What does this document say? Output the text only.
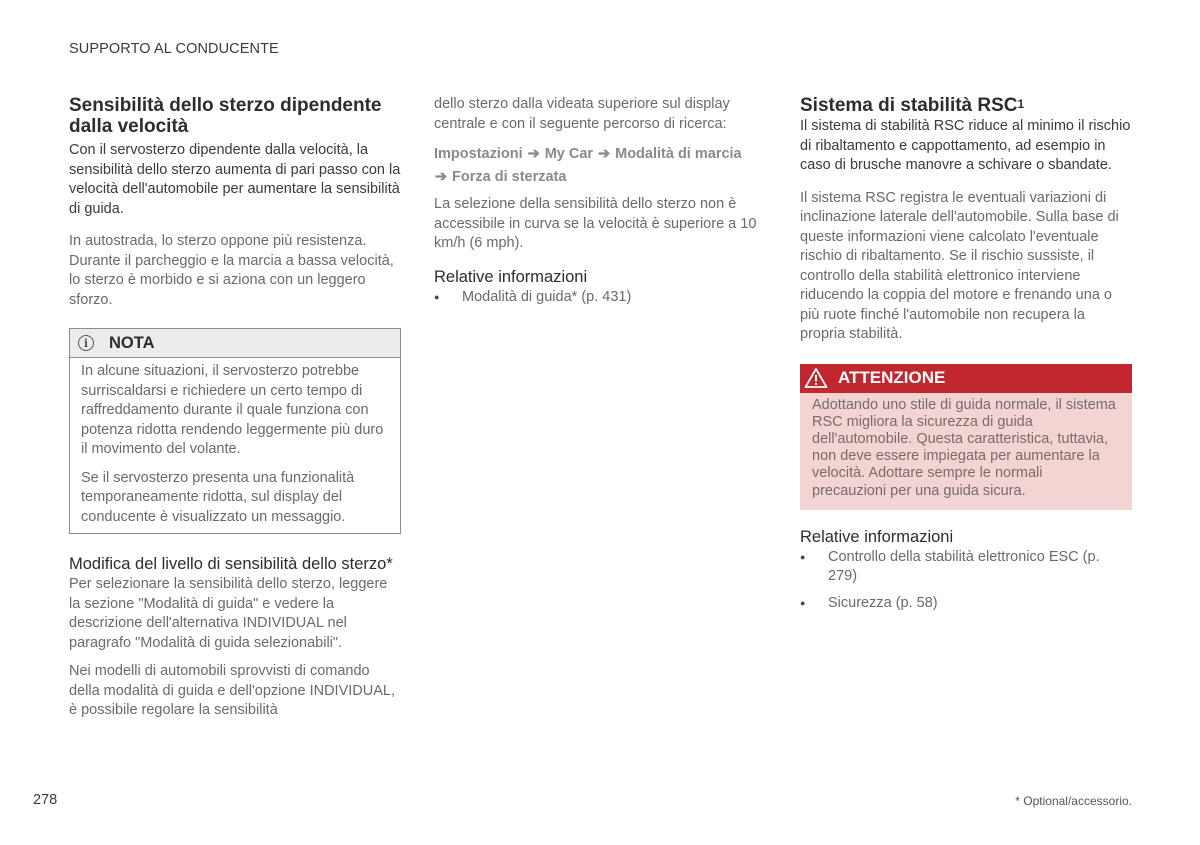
SUPPORTO AL CONDUCENTE
Sensibilità dello sterzo dipendente dalla velocità

Con il servosterzo dipendente dalla velocità, la sensibilità dello sterzo aumenta di pari passo con la velocità dell'automobile per aumentare la sensibilità di guida.

In autostrada, lo sterzo oppone più resistenza. Durante il parcheggio e la marcia a bassa velocità, lo sterzo è morbido e si aziona con un leggero sforzo.

i	NOTA

In alcune situazioni, il servosterzo potrebbe surriscaldarsi e richiedere un certo tempo di raffreddamento durante il quale funziona con potenza ridotta rendendo leggermente più duro il movimento del volante.

Se il servosterzo presenta una funzionalità temporaneamente ridotta, sul display del conducente è visualizzato un messaggio.

Modifica del livello di sensibilità dello sterzo*

Per selezionare la sensibilità dello sterzo, leggere la sezione "Modalità di guida" e vedere la descrizione dell'alternativa INDIVIDUAL nel paragrafo "Modalità di guida selezionabili".

Nei modelli di automobili sprovvisti di comando della modalità di guida e dell'opzione INDIVIDUAL, è possibile regolare la sensibilità

dello sterzo dalla videata superiore sul display centrale e con il seguente percorso di ricerca:

Impostazioni ➔ My Car ➔ Modalità di marcia
➔ Forza di sterzata

La selezione della sensibilità dello sterzo non è accessibile in curva se la velocità è superiore a 10 km/h (6 mph).

Relative informazioni
● Modalità di guida* (p. 431)
Sistema di stabilità RSC$^1$

Il sistema di stabilità RSC riduce al minimo il rischio di ribaltamento e cappottamento, ad esempio in caso di brusche manovre a schivare o sbandate.

Il sistema RSC registra le eventuali variazioni di inclinazione laterale dell'automobile. Sulla base di queste informazioni viene calcolato l'eventuale rischio di ribaltamento. Se il rischio sussiste, il controllo della stabilità elettronico interviene riducendo la coppia del motore e frenando una o più ruote finché l'automobile non recupera la propria stabilità.

ATTENZIONE

Adottando uno stile di guida normale, il sistema RSC migliora la sicurezza di guida dell'automobile. Questa caratteristica, tuttavia, non deve essere impiegata per aumentare la velocità. Adottare sempre le normali precauzioni per una guida sicura.

Relative informazioni
● Controllo della stabilità elettronico ESC (p. 279)
● Sicurezza (p. 58)
278	* Optional/accessorio.
